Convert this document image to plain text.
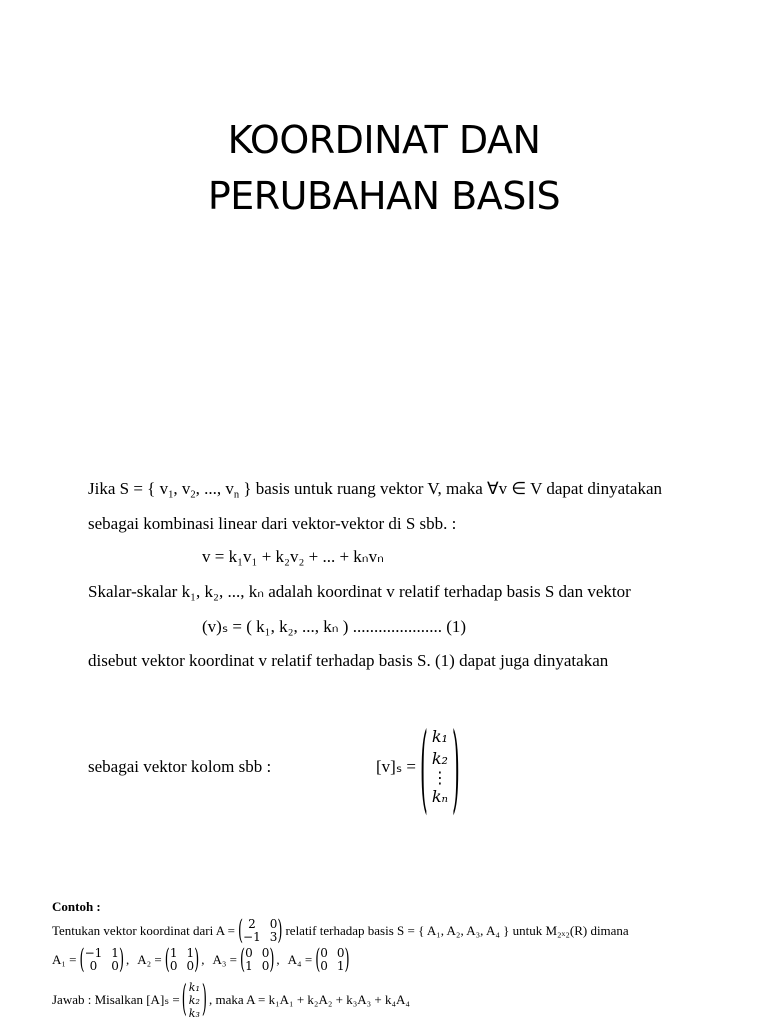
KOORDINAT DAN
PERUBAHAN BASIS
Jika S = { $v_1$, $v_2$, ..., $v_n$ } basis untuk ruang vektor V, maka ∀v ∈ V dapat dinyatakan
sebagai kombinasi linear dari vektor-vektor di S sbb. :
v = k₁v₁ + k₂v₂ + ... + kₙvₙ
Skalar-skalar k₁, k₂, ..., kₙ adalah koordinat v relatif terhadap basis S dan vektor
(v)ₛ = ( k₁, k₂, ..., kₙ ) ..................... (1)
disebut vektor koordinat v relatif terhadap basis S. (1) dapat juga dinyatakan
sebagai vektor kolom sbb :	[v]ₛ = ( k₁
k₂
⋮
kₙ )
Contoh :
Tentukan vektor koordinat dari A = ( 2	0
−1 3 ) relatif terhadap basis S = { A₁, A₂, A₃, A₄ } untuk M₂ₓ₂(R) dimana
A₁ = ( −1 1
0	0 ) , A₂ = ( 1 1
0 0 ) , A₃ = ( 0 0
1 0 ) , A₄ = ( 0 0
0 1 )
Jawab : Misalkan [A]ₛ = ( k₁
k₂
k₃ ) , maka A = k₁A₁ + k₂A₂ + k₃A₃ + k₄A₄
